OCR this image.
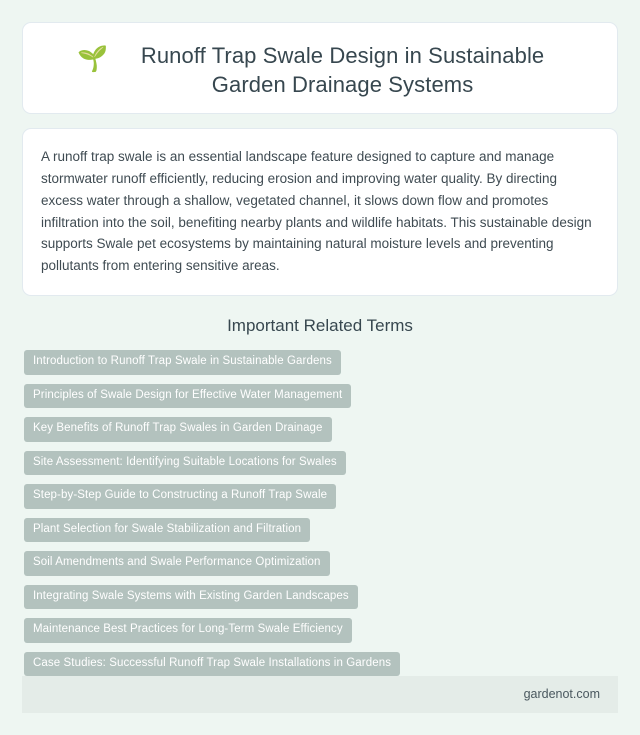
🌱	Runoff Trap Swale Design in Sustainable Garden Drainage Systems

A runoff trap swale is an essential landscape feature designed to capture and manage stormwater runoff efficiently, reducing erosion and improving water quality. By directing excess water through a shallow, vegetated channel, it slows down flow and promotes infiltration into the soil, benefiting nearby plants and wildlife habitats. This sustainable design supports Swale pet ecosystems by maintaining natural moisture levels and preventing pollutants from entering sensitive areas.

Important Related Terms
Introduction to Runoff Trap Swale in Sustainable Gardens
Principles of Swale Design for Effective Water Management
Key Benefits of Runoff Trap Swales in Garden Drainage
Site Assessment: Identifying Suitable Locations for Swales
Step-by-Step Guide to Constructing a Runoff Trap Swale
Plant Selection for Swale Stabilization and Filtration
Soil Amendments and Swale Performance Optimization
Integrating Swale Systems with Existing Garden Landscapes
Maintenance Best Practices for Long-Term Swale Efficiency
Case Studies: Successful Runoff Trap Swale Installations in Gardens
gardenot.com
